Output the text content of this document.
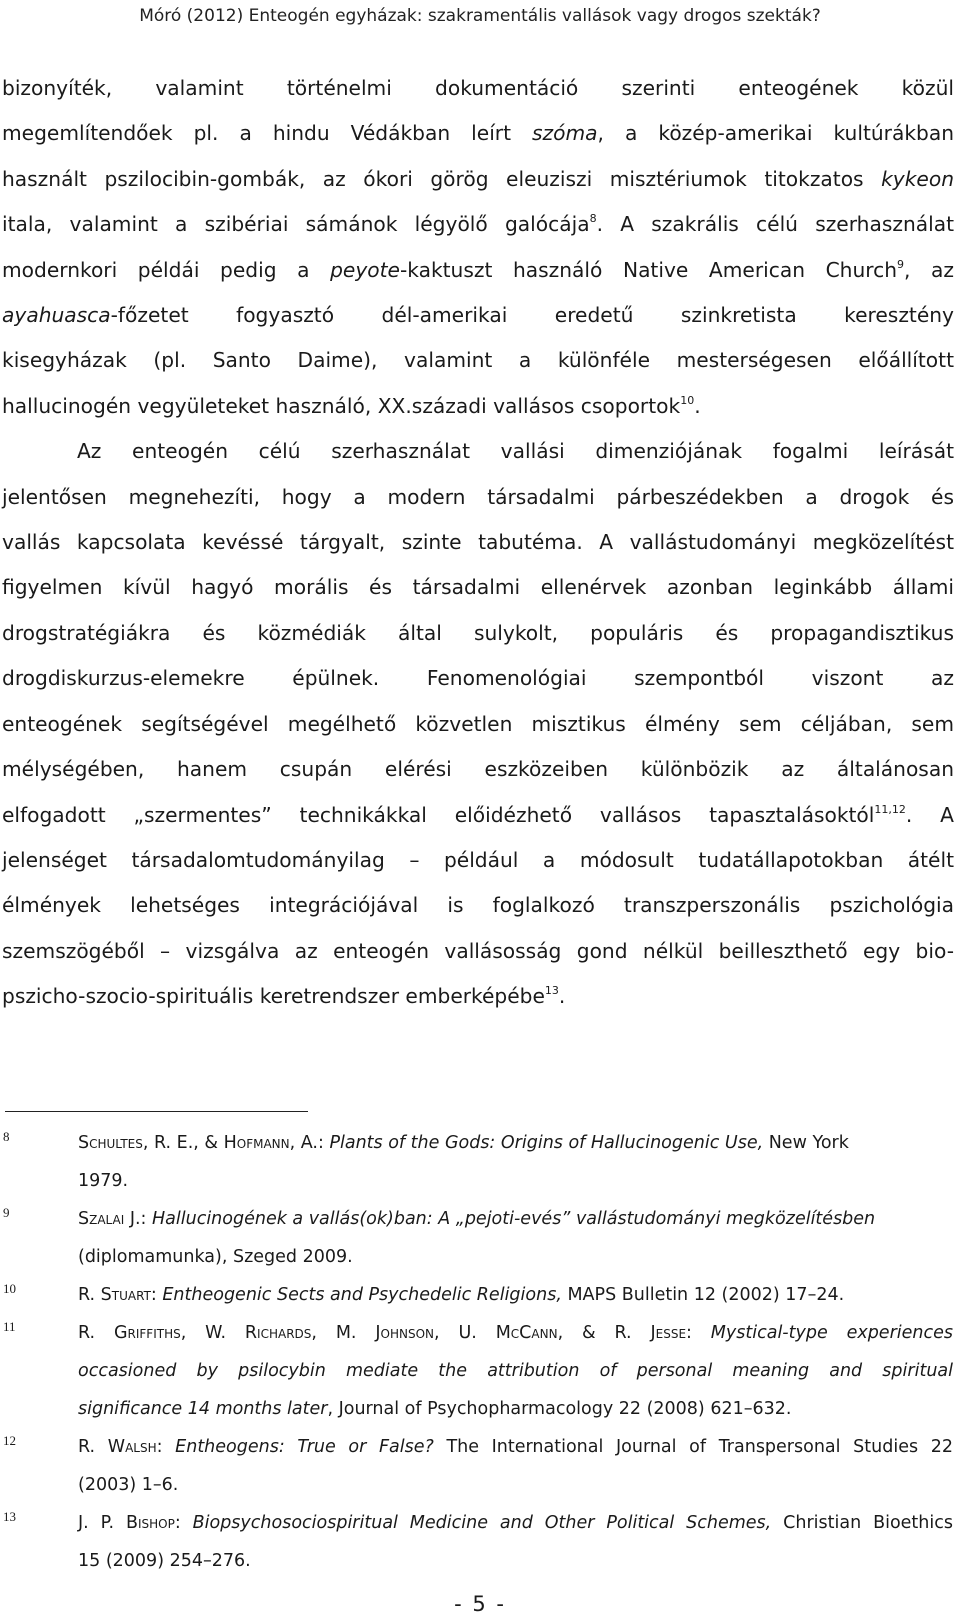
Móró (2012) Enteogén egyházak: szakramentális vallások vagy drogos szekták?

bizonyíték, valamint történelmi dokumentáció szerinti enteogének közül
megemlítendőek pl. a hindu Védákban leírt szóma, a közép-amerikai kultúrákban
használt pszilocibin-gombák, az ókori görög eleuziszi misztériumok titokzatos kykeon
itala, valamint a szibériai sámánok légyölő galócája$^8$. A szakrális célú szerhasználat
modernkori példái pedig a peyote-kaktuszt használó Native American Church$^9$, az
ayahuasca-főzetet fogyasztó dél-amerikai eredetű szinkretista keresztény
kisegyházak (pl. Santo Daime), valamint a különféle mesterségesen előállított
hallucinogén vegyületeket használó, XX.századi vallásos csoportok$^{10}$.

Az enteogén célú szerhasználat vallási dimenziójának fogalmi leírását
jelentősen megnehezíti, hogy a modern társadalmi párbeszédekben a drogok és
vallás kapcsolata kevéssé tárgyalt, szinte tabutéma. A vallástudományi megközelítést
figyelmen kívül hagyó morális és társadalmi ellenérvek azonban leginkább állami
drogstratégiákra és közmédiák által sulykolt, populáris és propagandisztikus
drogdiskurzus-elemekre épülnek. Fenomenológiai szempontból viszont az
enteogének segítségével megélhető közvetlen misztikus élmény sem céljában, sem
mélységében, hanem csupán elérési eszközeiben különbözik az általánosan
elfogadott „szermentes” technikákkal előidézhető vallásos tapasztalásoktól$^{11,12}$. A
jelenséget társadalomtudományilag – például a módosult tudatállapotokban átélt
élmények lehetséges integrációjával is foglalkozó transzperszonális pszichológia
szemszögéből – vizsgálva az enteogén vallásosság gond nélkül beilleszthető egy bio-
pszicho-szocio-spirituális keretrendszer emberképébe$^{13}$.

8	Schultes, R. E., & Hofmann, A.: Plants of the Gods: Origins of Hallucinogenic Use, New York
1979.
9	Szalai J.: Hallucinogének a vallás(ok)ban: A „pejoti-evés” vallástudományi megközelítésben
(diplomamunka), Szeged 2009.
10	R. Stuart: Entheogenic Sects and Psychedelic Religions, MAPS Bulletin 12 (2002) 17–24.
11	R. Griffiths, W. Richards, M. Johnson, U. McCann, & R. Jesse: Mystical-type experiences
occasioned by psilocybin mediate the attribution of personal meaning and spiritual
significance 14 months later, Journal of Psychopharmacology 22 (2008) 621–632.
12	R. Walsh: Entheogens: True or False? The International Journal of Transpersonal Studies 22
(2003) 1–6.
13	J. P. Bishop: Biopsychosociospiritual Medicine and Other Political Schemes, Christian Bioethics
15 (2009) 254–276.
- 5 -
